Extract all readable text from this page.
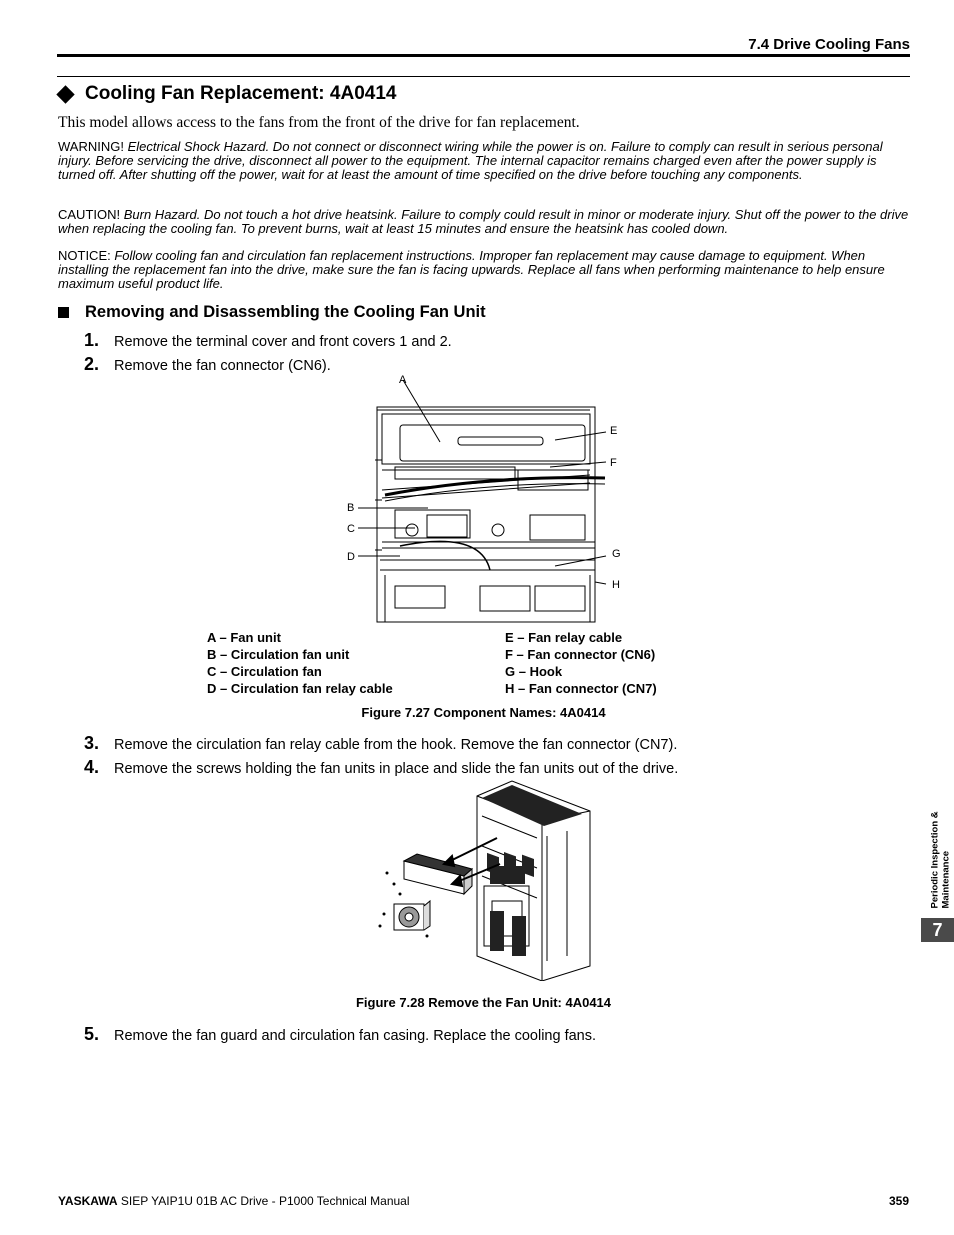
7.4 Drive Cooling Fans
Cooling Fan Replacement: 4A0414
This model allows access to the fans from the front of the drive for fan replacement.
WARNING! Electrical Shock Hazard. Do not connect or disconnect wiring while the power is on. Failure to comply can result in serious personal injury. Before servicing the drive, disconnect all power to the equipment. The internal capacitor remains charged even after the power supply is turned off. After shutting off the power, wait for at least the amount of time specified on the drive before touching any components.
CAUTION! Burn Hazard. Do not touch a hot drive heatsink. Failure to comply could result in minor or moderate injury. Shut off the power to the drive when replacing the cooling fan. To prevent burns, wait at least 15 minutes and ensure the heatsink has cooled down.
NOTICE: Follow cooling fan and circulation fan replacement instructions. Improper fan replacement may cause damage to equipment. When installing the replacement fan into the drive, make sure the fan is facing upwards. Replace all fans when performing maintenance to help ensure maximum useful product life.
Removing and Disassembling the Cooling Fan Unit
1.	Remove the terminal cover and front covers 1 and 2.
2.	Remove the fan connector (CN6).
A
B
C
D
E
F
G
H
A – Fan unit
B – Circulation fan unit
C – Circulation fan
D – Circulation fan relay cable
E – Fan relay cable
F – Fan connector (CN6)
G – Hook
H – Fan connector (CN7)
Figure 7.27 Component Names: 4A0414
3.	Remove the circulation fan relay cable from the hook. Remove the fan connector (CN7).
4.	Remove the screws holding the fan units in place and slide the fan units out of the drive.
Figure 7.28 Remove the Fan Unit: 4A0414
5.	Remove the fan guard and circulation fan casing. Replace the cooling fans.
Periodic Inspection & Maintenance
7
YASKAWA SIEP YAIP1U 01B AC Drive - P1000 Technical Manual	359
